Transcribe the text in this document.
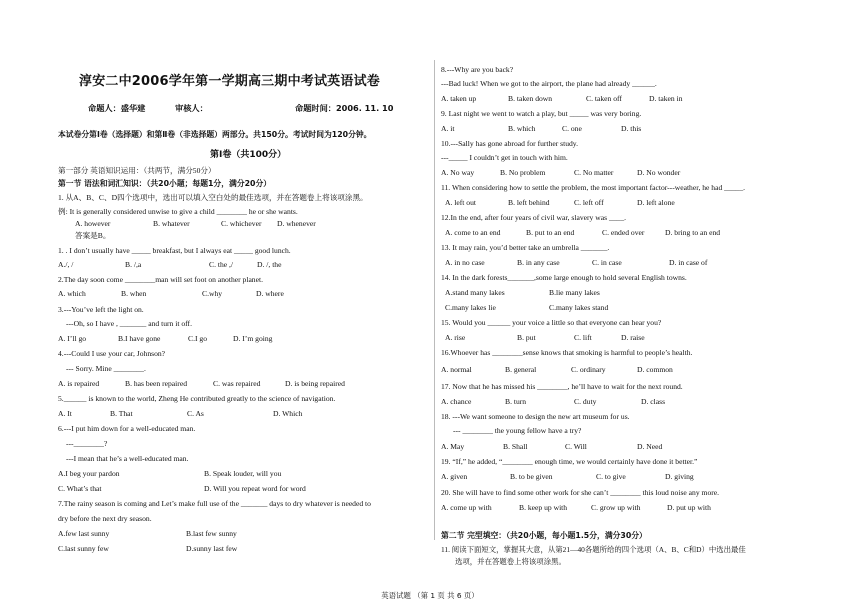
淳安二中2006学年第一学期高三期中考试英语试卷
命题人：盛华建	审核人：	命题时间：2006. 11. 10
本试卷分第Ⅰ卷（选择题）和第Ⅱ卷（非选择题）两部分。共150分。考试时间为120分钟。
第Ⅰ卷（共100分）
第一部分 英语知识运用：（共两节，满分50分）
第一节 语法和词汇知识：（共20小题；每题1分，满分20分）
1. 从A、B、C、D四个选项中，选出可以填入空白处的最佳选项，并在答题卷上将该项涂黑。
例: It is generally considered unwise to give a child ________ he or she wants.
A. however	B. whatever	C. whichever D. whenever
答案是B。
1. . I don’t usually have _____ breakfast, but I always eat _____ good lunch.
A./, /	B. /,a	C. the ,/	D. /, the
2.The day soon come ________man will set foot on another planet.
A. which	B. when	C.why	D. where
3.---You’ve left the light on.
---Oh, so I have , _______ and turn it off.
A. I’ll go	B.I have gone	C.I go	D. I’m going
4.---Could I use your car, Johnson?
--- Sorry. Mine ________.
A. is repaired	B. has been repaired	C. was repaired	D. is being repaired
5.______ is known to the world, Zheng He contributed greatly to the science of navigation.
A. It	B. That	C. As	D. Which
6.---I put him down for a well-educated man.
---________?
---I mean that he’s a well-educated man.
A.I beg your pardon	B. Speak louder, will you
C. What’s that	D. Will you repeat word for word
7.The rainy season is coming and Let’s make full use of the _______ days to dry whatever is needed to
dry before the next dry season.
A.few last sunny	B.last few sunny
C.last sunny few	D.sunny last few
8.---Why are you back?
---Bad luck! When we got to the airport, the plane had already ______.
A. taken up	B. taken down	C. taken off	D. taken in
9. Last night we went to watch a play, but _____ was very boring.
A. it	B. which	C. one	D. this
10.---Sally has gone abroad for further study.
---_____ I couldn’t get in touch with him.
A. No way	B. No problem	C. No matter	D. No wonder
11. When considering how to settle the problem, the most important factor---weather, he had _____.
A. left out	B. left behind	C. left off	D. left alone
12.In the end, after four years of civil war, slavery was ____.
A. come to an end	B. put to an end	C. ended over	D. bring to an end
13. It may rain, you’d better take an umbrella _______.
A. in no case	B. in any case	C. in case	D. in case of
14. In the dark forests_______,some large enough to hold several English towns.
A.stand many lakes	B.lie many lakes
C.many lakes lie	C.many lakes stand
15. Would you ______ your voice a little so that everyone can hear you?
A. rise	B. put	C. lift	D. raise
16.Whoever has ________sense knows that smoking is harmful to people’s health.
A. normal	B. general	C. ordinary	D. common
17. Now that he has missed his ________, he’ll have to wait for the next round.
A. chance	B. turn	C. duty	D. class
18. ---We want someone to design the new art museum for us.
--- ________ the young fellow have a try?
A. May	B. Shall	C. Will	D. Need
19. “If,” he added, “________ enough time, we would certainly have done it better.”
A. given	B. to be given	C. to give	D. giving
20. She will have to find some other work for she can’t ________ this loud noise any more.
A. come up with	B. keep up with	C. grow up with	D. put up with
第二节 完型填空：（共20小题，每小题1.5分，满分30分）
11. 阅读下面短文，掌握其大意，从第21—40各题所给的四个选项（A、B、C和D）中选出最佳
选项，并在答题卷上将该项涂黑。
英语试题 （第 1 页 共 6 页）
